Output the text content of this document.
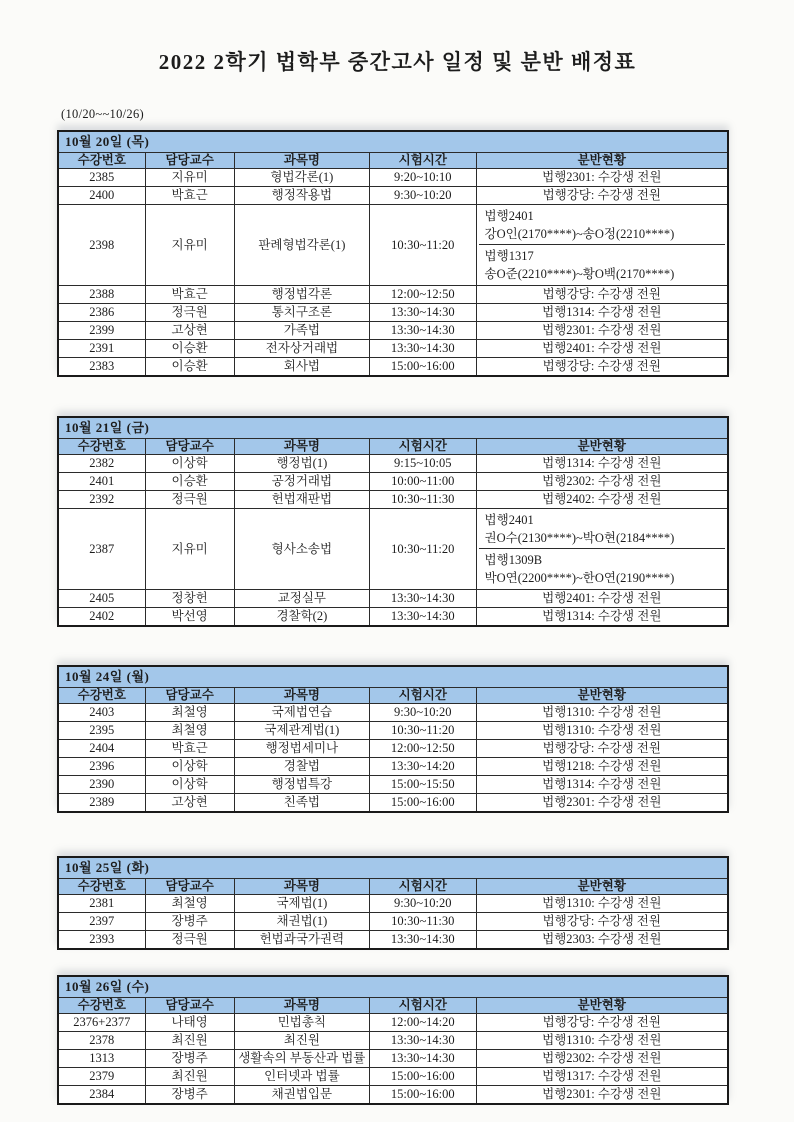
2022 2학기 법학부 중간고사 일정 및 분반 배정표
(10/20~~10/26)
10월 20일 (목)				
수강번호	담당교수	과목명	시험시간	분반현황
2385	지유미	형법각론(1)	9:20~10:10	법행2301: 수강생 전원
2400	박효근	행정작용법	9:30~10:20	법행강당: 수강생 전원
2398	지유미	판례형법각론(1)	10:30~11:20	법행2401
강O인(2170****)~송O정(2210****)
법행1317
송O준(2210****)~황O백(2170****)

2388	박효근	행정법각론	12:00~12:50	법행강당: 수강생 전원
2386	정극원	통치구조론	13:30~14:30	법행1314: 수강생 전원
2399	고상현	가족법	13:30~14:30	법행2301: 수강생 전원
2391	이승환	전자상거래법	13:30~14:30	법행2401: 수강생 전원
2383	이승환	회사법	15:00~16:00	법행강당: 수강생 전원
10월 21일 (금)				
수강번호	담당교수	과목명	시험시간	분반현황
2382	이상학	행정법(1)	9:15~10:05	법행1314: 수강생 전원
2401	이승환	공정거래법	10:00~11:00	법행2302: 수강생 전원
2392	정극원	헌법재판법	10:30~11:30	법행2402: 수강생 전원
2387	지유미	형사소송법	10:30~11:20	법행2401
권O수(2130****)~박O현(2184****)
법행1309B
박O연(2200****)~한O연(2190****)

2405	정창헌	교정실무	13:30~14:30	법행2401: 수강생 전원
2402	박선영	경찰학(2)	13:30~14:30	법행1314: 수강생 전원
10월 24일 (월)				
수강번호	담당교수	과목명	시험시간	분반현황
2403	최철영	국제법연습	9:30~10:20	법행1310: 수강생 전원
2395	최철영	국제관계법(1)	10:30~11:20	법행1310: 수강생 전원
2404	박효근	행정법세미나	12:00~12:50	법행강당: 수강생 전원
2396	이상학	경찰법	13:30~14:20	법행1218: 수강생 전원
2390	이상학	행정법특강	15:00~15:50	법행1314: 수강생 전원
2389	고상현	친족법	15:00~16:00	법행2301: 수강생 전원
10월 25일 (화)				
수강번호	담당교수	과목명	시험시간	분반현황
2381	최철영	국제법(1)	9:30~10:20	법행1310: 수강생 전원
2397	장병주	채권법(1)	10:30~11:30	법행강당: 수강생 전원
2393	정극원	헌법과국가권력	13:30~14:30	법행2303: 수강생 전원
10월 26일 (수)				
수강번호	담당교수	과목명	시험시간	분반현황
2376+2377	나태영	민법총칙	12:00~14:20	법행강당: 수강생 전원
2378	최진원	최진원	13:30~14:30	법행1310: 수강생 전원
1313	장병주	생활속의 부동산과 법률	13:30~14:30	법행2302: 수강생 전원
2379	최진원	인터넷과 법률	15:00~16:00	법행1317: 수강생 전원
2384	장병주	채권법입문	15:00~16:00	법행2301: 수강생 전원
